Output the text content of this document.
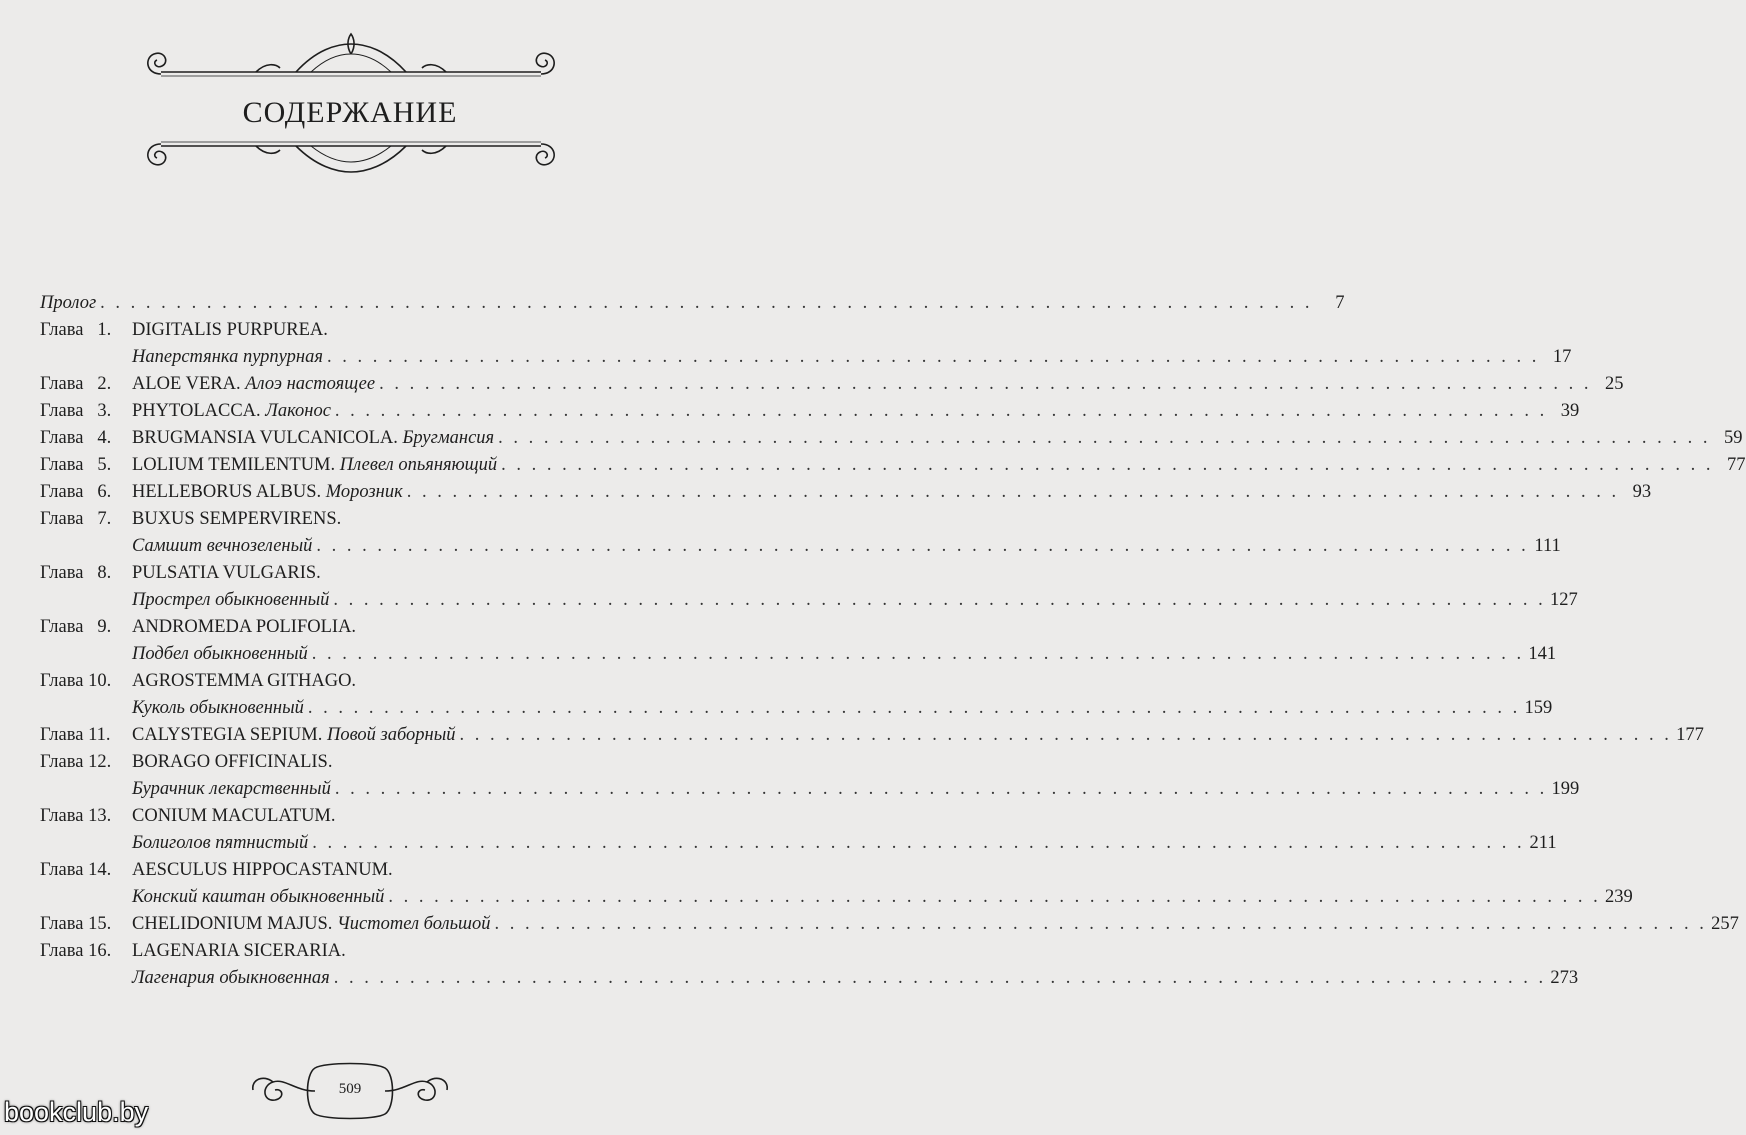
СОДЕРЖАНИЕ
Пролог . . . . . . . . . . . . . . . . . . . . . . . . . . . . . . . . . . . . . . . . . . . . . . . . . . . . . . . . . . . . . . . . . . . . . . . . . . . . . . . .	7
Глава   1.	DIGITALIS PURPUREA.
Наперстянка пурпурная . . . . . . . . . . . . . . . . . . . . . . . . . . . . . . . . . . . . . . . . . . . . . . . . . . . . . . . . . . . . . . . . . . . . . . . . . . . . . . . . 17
Глава   2.	ALOE VERA. Алоэ настоящее . . . . . . . . . . . . . . . . . . . . . . . . . . . . . . . . . . . . . . . . . . . . . . . . . . . . . . . . . . . . . . . . . . . . . . . . . . . . . . . . 25
Глава   3.	PHYTOLACCA. Лаконос . . . . . . . . . . . . . . . . . . . . . . . . . . . . . . . . . . . . . . . . . . . . . . . . . . . . . . . . . . . . . . . . . . . . . . . . . . . . . . . . 39
Глава   4.	BRUGMANSIA VULCANICOLA. Бругмансия . . . . . . . . . . . . . . . . . . . . . . . . . . . . . . . . . . . . . . . . . . . . . . . . . . . . . . . . . . . . . . . . . . . . . . . . . . . . . . . . 59
Глава   5.	LOLIUM TEMILENTUM. Плевел опьяняющий . . . . . . . . . . . . . . . . . . . . . . . . . . . . . . . . . . . . . . . . . . . . . . . . . . . . . . . . . . . . . . . . . . . . . . . . . . . . . . . . 77
Глава   6.	HELLEBORUS ALBUS. Морозник . . . . . . . . . . . . . . . . . . . . . . . . . . . . . . . . . . . . . . . . . . . . . . . . . . . . . . . . . . . . . . . . . . . . . . . . . . . . . . . . 93
Глава   7.	BUXUS SEMPERVIRENS.
Самшит вечнозеленый . . . . . . . . . . . . . . . . . . . . . . . . . . . . . . . . . . . . . . . . . . . . . . . . . . . . . . . . . . . . . . . . . . . . . . . . . . . . . . . . 111
Глава   8.	PULSATIA VULGARIS.
Прострел обыкновенный . . . . . . . . . . . . . . . . . . . . . . . . . . . . . . . . . . . . . . . . . . . . . . . . . . . . . . . . . . . . . . . . . . . . . . . . . . . . . . . . 127
Глава   9.	ANDROMEDA POLIFOLIA.
Подбел обыкновенный . . . . . . . . . . . . . . . . . . . . . . . . . . . . . . . . . . . . . . . . . . . . . . . . . . . . . . . . . . . . . . . . . . . . . . . . . . . . . . . . 141
Глава 10.	AGROSTEMMA GITHAGO.
Куколь обыкновенный . . . . . . . . . . . . . . . . . . . . . . . . . . . . . . . . . . . . . . . . . . . . . . . . . . . . . . . . . . . . . . . . . . . . . . . . . . . . . . . . 159
Глава 11.	CALYSTEGIA SEPIUM. Повой заборный . . . . . . . . . . . . . . . . . . . . . . . . . . . . . . . . . . . . . . . . . . . . . . . . . . . . . . . . . . . . . . . . . . . . . . . . . . . . . . . . 177
Глава 12.	BORAGO OFFICINALIS.
Бурачник лекарственный . . . . . . . . . . . . . . . . . . . . . . . . . . . . . . . . . . . . . . . . . . . . . . . . . . . . . . . . . . . . . . . . . . . . . . . . . . . . . . . . 199
Глава 13.	CONIUM MACULATUM.
Болиголов пятнистый . . . . . . . . . . . . . . . . . . . . . . . . . . . . . . . . . . . . . . . . . . . . . . . . . . . . . . . . . . . . . . . . . . . . . . . . . . . . . . . . 211
Глава 14.	AESCULUS HIPPOCASTANUM.
Конский каштан обыкновенный . . . . . . . . . . . . . . . . . . . . . . . . . . . . . . . . . . . . . . . . . . . . . . . . . . . . . . . . . . . . . . . . . . . . . . . . . . . . . . . . 239
Глава 15.	CHELIDONIUM MAJUS. Чистотел большой . . . . . . . . . . . . . . . . . . . . . . . . . . . . . . . . . . . . . . . . . . . . . . . . . . . . . . . . . . . . . . . . . . . . . . . . . . . . . . . . 257
Глава 16.	LAGENARIA SICERARIA.
Лагенария обыкновенная . . . . . . . . . . . . . . . . . . . . . . . . . . . . . . . . . . . . . . . . . . . . . . . . . . . . . . . . . . . . . . . . . . . . . . . . . . . . . . . . 273
509
bookclub.by
